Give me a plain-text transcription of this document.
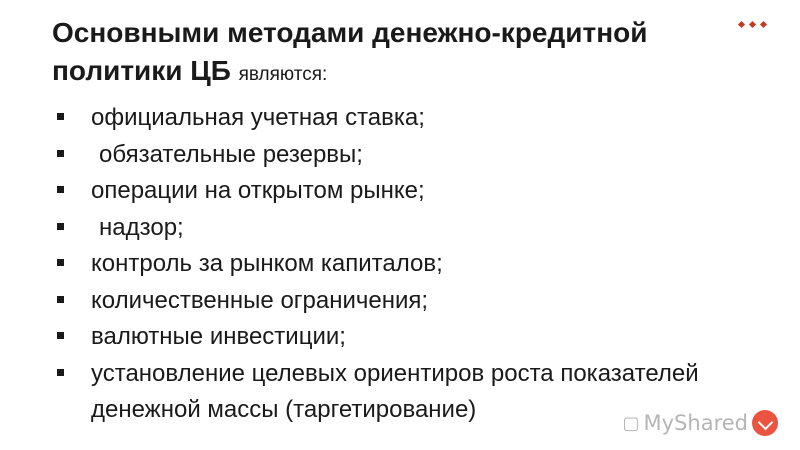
Основными методами денежно-кредитной политики ЦБ являются:
официальная учетная ставка;
обязательные резервы;
операции на открытом рынке;
надзор;
контроль за рынком капиталов;
количественные ограничения;
валютные инвестиции;
установление целевых ориентиров роста показателей денежной массы (таргетирование)	▢ MyShared
